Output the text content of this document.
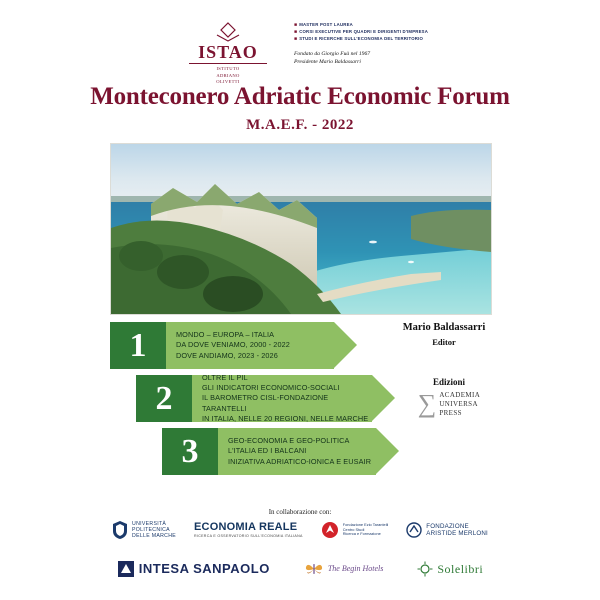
ISTAO
ISTITUTO
ADRIANO
OLIVETTI
■ MASTER POST LAUREA
■ CORSI EXECUTIVE PER QUADRI E DIRIGENTI D'IMPRESA
■ STUDI E RICERCHE SULL'ECONOMIA DEL TERRITORIO
Fondato da Giorgio Fuà nel 1967
Presidente Mario Baldassarri
Monteconero Adriatic Economic Forum
M.A.E.F. - 2022
1	MONDO – EUROPA – ITALIA
DA DOVE VENIAMO, 2000 - 2022
DOVE ANDIAMO, 2023 - 2026
2
OLTRE IL PIL
GLI INDICATORI ECONOMICO-SOCIALI
IL BAROMETRO CISL-FONDAZIONE TARANTELLI
IN ITALIA, NELLE 20 REGIONI, NELLE MARCHE
3	GEO-ECONOMIA E GEO-POLITICA
L'ITALIA ED I BALCANI
INIZIATIVA ADRIATICO-IONICA E EUSAIR
Mario Baldassarri
Editor
Edizioni
∑ ACADEMIA
UNIVERSA
PRESS
In collaborazione con:
UNIVERSITÀ
POLITECNICA
DELLE MARCHE
ECONOMIA REALE
RICERCA E OSSERVATORIO SULL'ECONOMIA ITALIANA
Fondazione Ezio Tarantelli
Centro Studi
Ricerca e Formazione
FONDAZIONE
ARISTIDE MERLONI
INTESA SANPAOLO	The Begin Hotels	Solelibri
